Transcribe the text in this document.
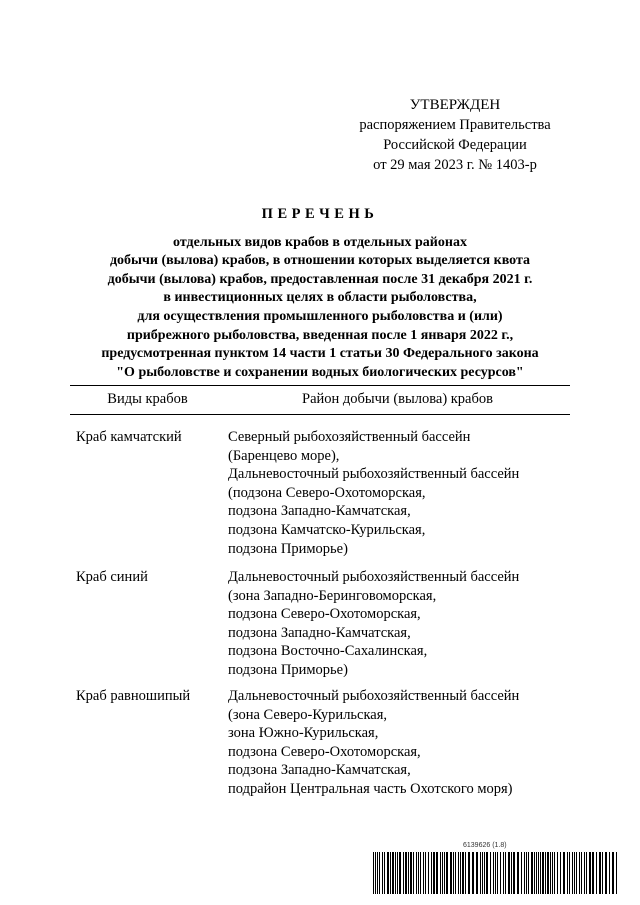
УТВЕРЖДЕН
распоряжением Правительства
Российской Федерации
от 29 мая 2023 г. № 1403-р
ПЕРЕЧЕНЬ
отдельных видов крабов в отдельных районах
добычи (вылова) крабов, в отношении которых выделяется квота
добычи (вылова) крабов, предоставленная после 31 декабря 2021 г.
в инвестиционных целях в области рыболовства,
для осуществления промышленного рыболовства и (или)
прибрежного рыболовства, введенная после 1 января 2022 г.,
предусмотренная пунктом 14 части 1 статьи 30 Федерального закона
"О рыболовстве и сохранении водных биологических ресурсов"
Виды крабов	Район добычи (вылова) крабов
Краб камчатский	Северный рыбохозяйственный бассейн
(Баренцево море),
Дальневосточный рыбохозяйственный бассейн
(подзона Северо-Охотоморская,
подзона Западно-Камчатская,
подзона Камчатско-Курильская,
подзона Приморье)
Краб синий	Дальневосточный рыбохозяйственный бассейн
(зона Западно-Беринговоморская,
подзона Северо-Охотоморская,
подзона Западно-Камчатская,
подзона Восточно-Сахалинская,
подзона Приморье)
Краб равношипый	Дальневосточный рыбохозяйственный бассейн
(зона Северо-Курильская,
зона Южно-Курильская,
подзона Северо-Охотоморская,
подзона Западно-Камчатская,
подрайон Центральная часть Охотского моря)
6139626 (1.8)
